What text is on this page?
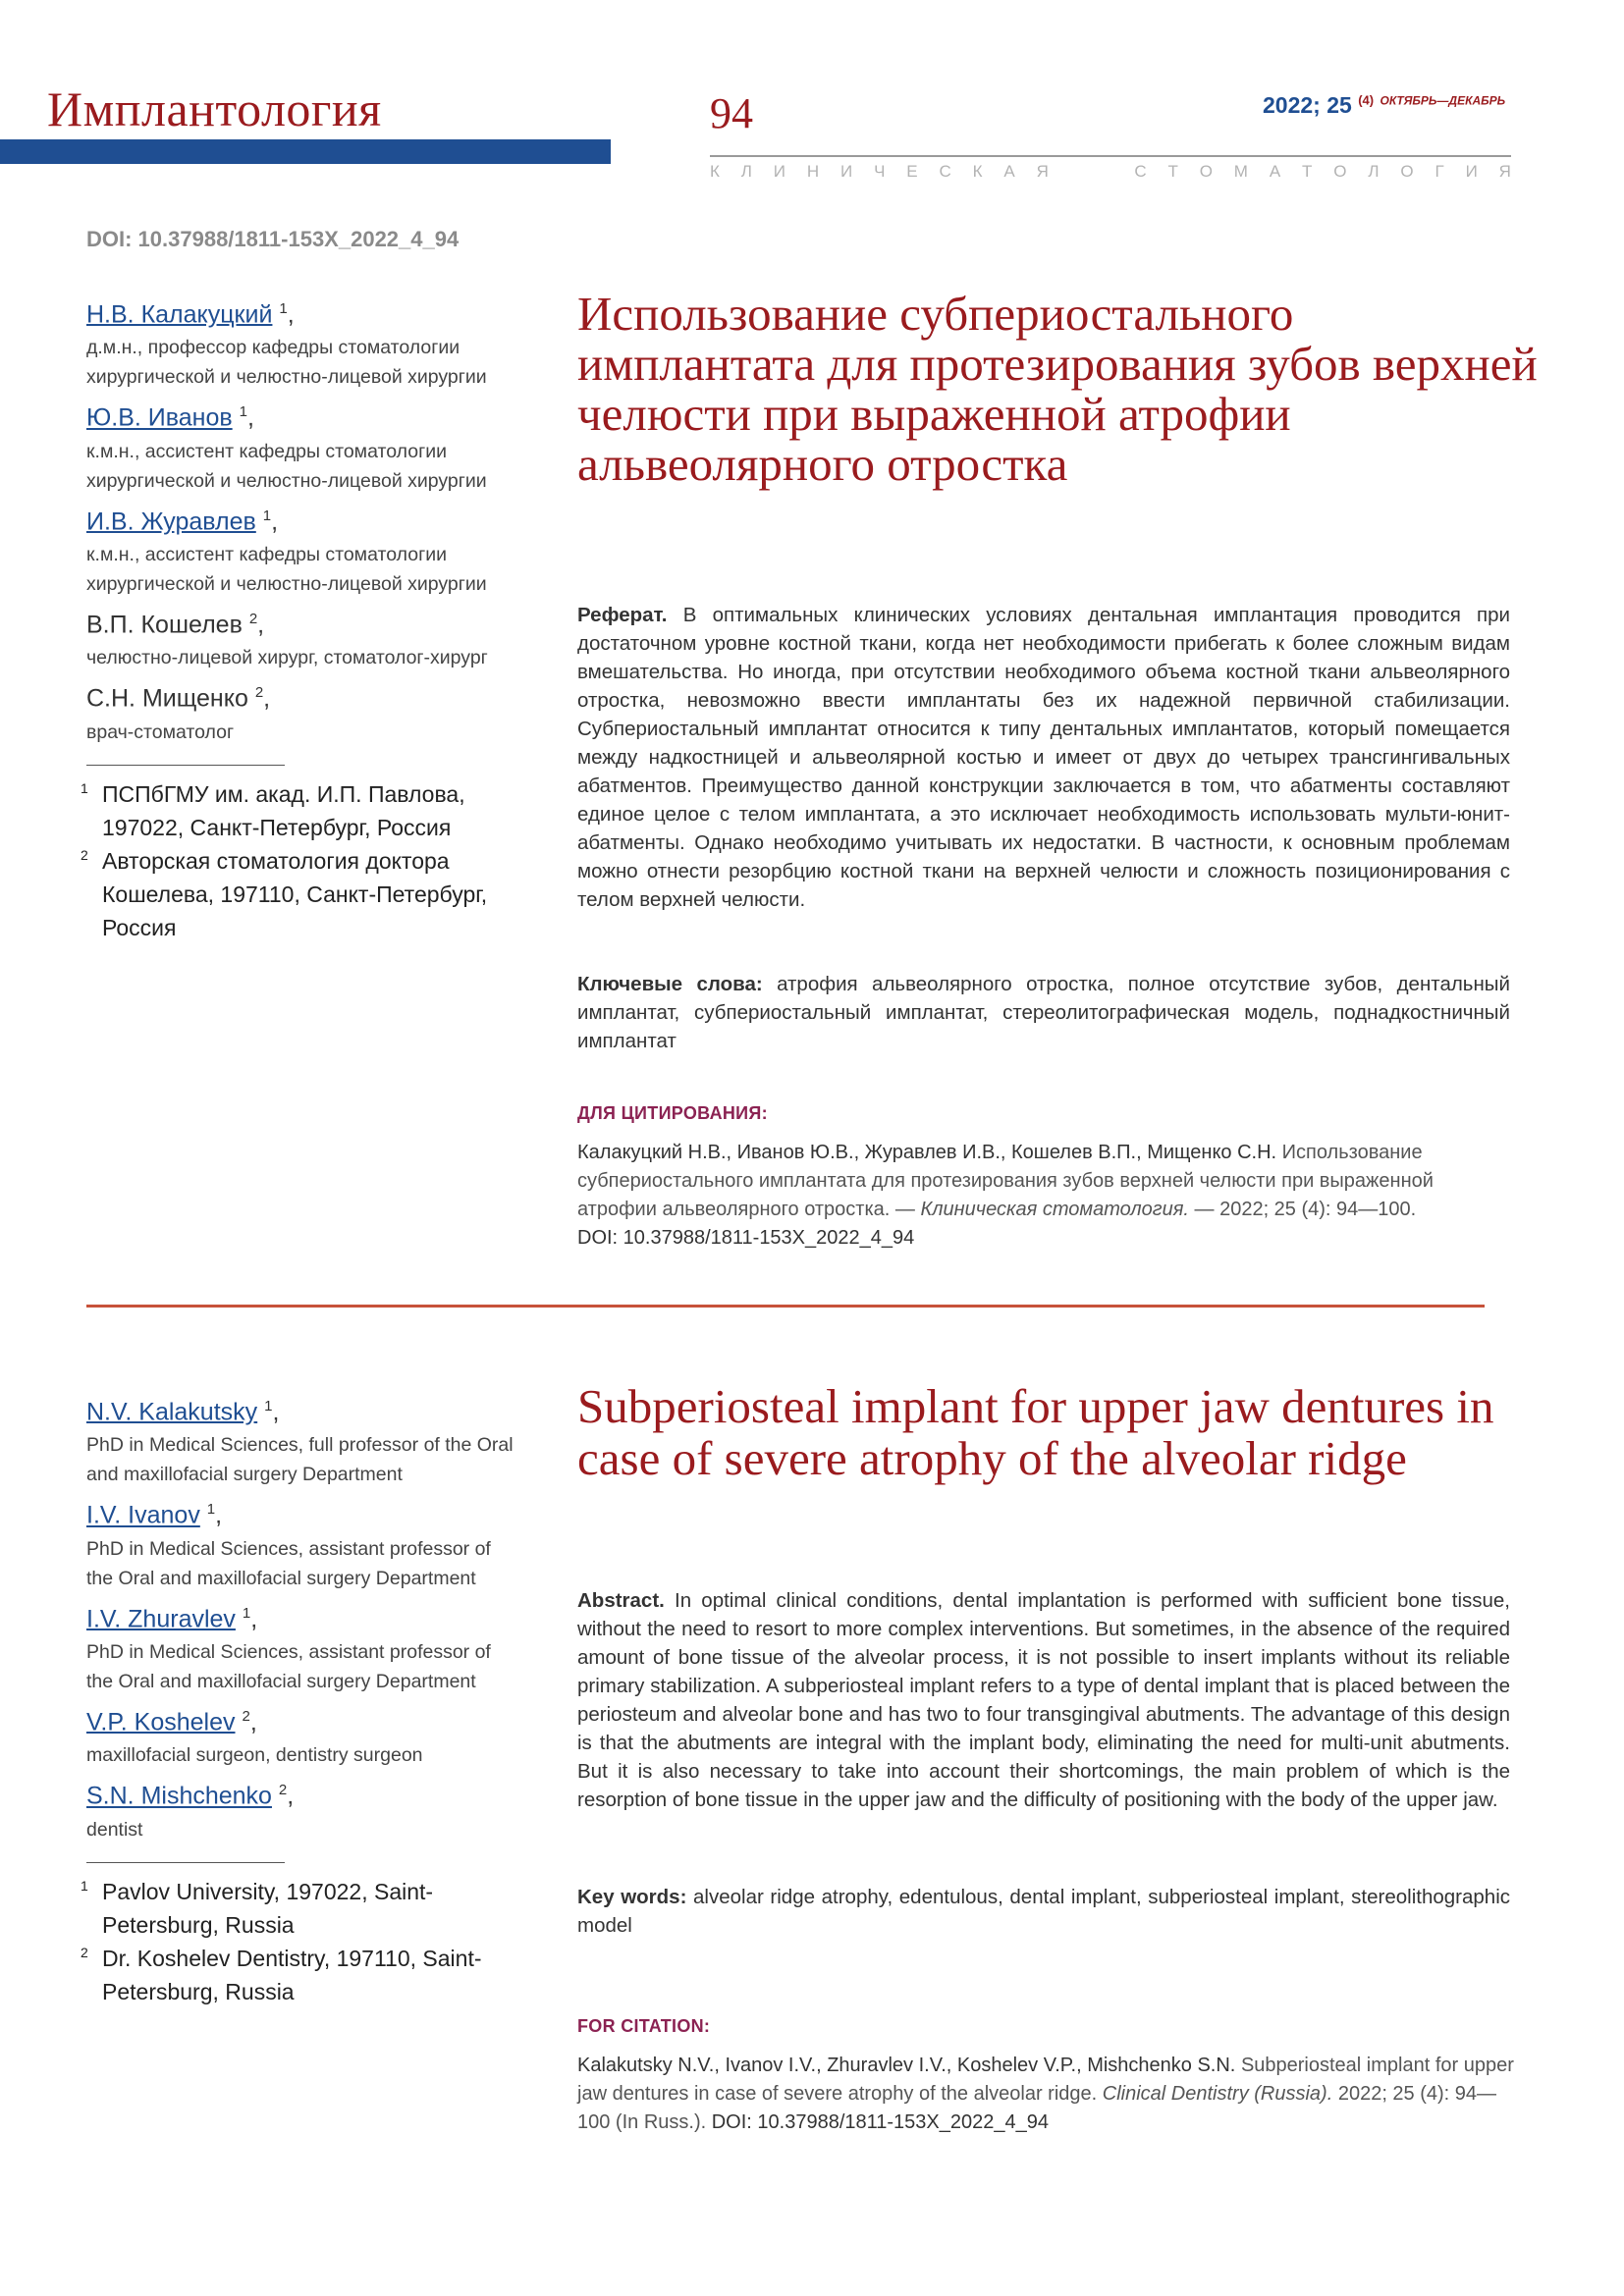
Имплантология	94	2022; 25 $^{(4)}$ $^{ОКТЯБРЬ—ДЕКАБРЬ}$
К Л И Н И Ч Е С К А Я	С Т О М А Т О Л О Г И Я
DOI: 10.37988/1811-153X_2022_4_94
Н.В. Калакуцкий $^1$,
д.м.н., профессор кафедры стоматологии хирургической и челюстно-лицевой хирургии
Ю.В. Иванов $^1$,
к.м.н., ассистент кафедры стоматологии хирургической и челюстно-лицевой хирургии
И.В. Журавлев $^1$,
к.м.н., ассистент кафедры стоматологии хирургической и челюстно-лицевой хирургии
В.П. Кошелев $^2$,
челюстно-лицевой хирург, стоматолог-хирург
С.Н. Мищенко $^2$,
врач-стоматолог
1 ПСПбГМУ им. акад. И.П. Павлова, 197022, Санкт-Петербург, Россия
2 Авторская стоматология доктора Кошелева, 197110, Санкт-Петербург, Россия
Использование субпериостального имплантата для протезирования зубов верхней челюсти при выраженной атрофии альвеолярного отростка
Реферат. В оптимальных клинических условиях дентальная имплантация проводится при достаточном уровне костной ткани, когда нет необходимости прибегать к более сложным видам вмешательства. Но иногда, при отсутствии необходимого объема костной ткани альвеолярного отростка, невозможно ввести имплантаты без их надежной первичной стабилизации. Субпериостальный имплантат относится к типу дентальных имплантатов, который помещается между надкостницей и альвеолярной костью и имеет от двух до четырех трансгингивальных абатментов. Преимущество данной конструкции заключается в том, что абатменты составляют единое целое с телом имплантата, а это исключает необходимость использовать мульти-юнит-абатменты. Однако необходимо учитывать их недостатки. В частности, к основным проблемам можно отнести резорбцию костной ткани на верхней челюсти и сложность позиционирования с телом верхней челюсти.
Ключевые слова: атрофия альвеолярного отростка, полное отсутствие зубов, дентальный имплантат, субпериостальный имплантат, стереолитографическая модель, поднадкостничный имплантат
ДЛЯ ЦИТИРОВАНИЯ:
Калакуцкий Н.В., Иванов Ю.В., Журавлев И.В., Кошелев В.П., Мищенко С.Н. Использование субпериостального имплантата для протезирования зубов верхней челюсти при выраженной атрофии альвеолярного отростка. — Клиническая стоматология. — 2022; 25 (4): 94—100.
DOI: 10.37988/1811-153X_2022_4_94
N.V. Kalakutsky $^1$,
PhD in Medical Sciences, full professor of the Oral and maxillofacial surgery Department
I.V. Ivanov $^1$,
PhD in Medical Sciences, assistant professor of the Oral and maxillofacial surgery Department
I.V. Zhuravlev $^1$,
PhD in Medical Sciences, assistant professor of the Oral and maxillofacial surgery Department
V.P. Koshelev $^2$,
maxillofacial surgeon, dentistry surgeon
S.N. Mishchenko $^2$,
dentist
1 Pavlov University, 197022, Saint-Petersburg, Russia
2 Dr. Koshelev Dentistry, 197110, Saint-Petersburg, Russia
Subperiosteal implant for upper jaw dentures in case of severe atrophy of the alveolar ridge
Abstract. In optimal clinical conditions, dental implantation is performed with sufficient bone tissue, without the need to resort to more complex interventions. But sometimes, in the absence of the required amount of bone tissue of the alveolar process, it is not possible to insert implants without its reliable primary stabilization. A subperiosteal implant refers to a type of dental implant that is placed between the periosteum and alveolar bone and has two to four transgingival abutments. The advantage of this design is that the abutments are integral with the implant body, eliminating the need for multi-unit abutments. But it is also necessary to take into account their shortcomings, the main problem of which is the resorption of bone tissue in the upper jaw and the difficulty of positioning with the body of the upper jaw.
Key words: alveolar ridge atrophy, edentulous, dental implant, subperiosteal implant, stereolithographic model
FOR CITATION:
Kalakutsky N.V., Ivanov I.V., Zhuravlev I.V., Koshelev V.P., Mishchenko S.N. Subperiosteal implant for upper jaw dentures in case of severe atrophy of the alveolar ridge. Clinical Dentistry (Russia). 2022; 25 (4): 94—100 (In Russ.). DOI: 10.37988/1811-153X_2022_4_94
